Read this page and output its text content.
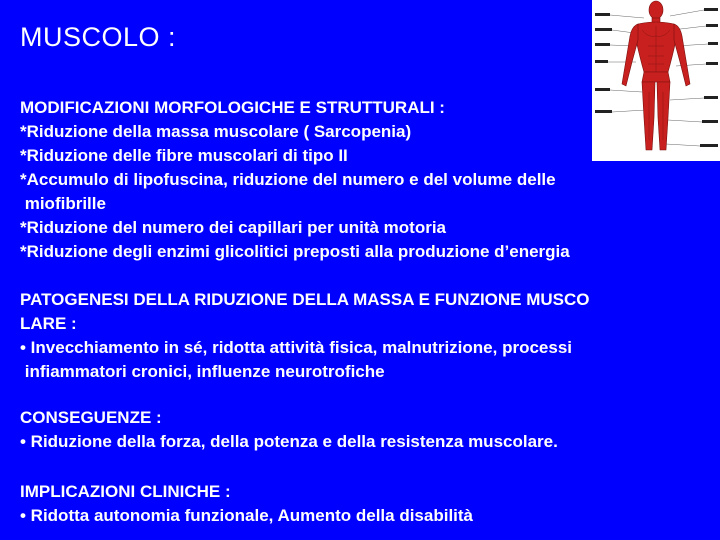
MUSCOLO :
MODIFICAZIONI MORFOLOGICHE E STRUTTURALI :
*Riduzione della massa muscolare ( Sarcopenia)
*Riduzione delle fibre muscolari di tipo II
*Accumulo di lipofuscina, riduzione del numero e del volume delle
miofibrille
*Riduzione del numero dei capillari per unità motoria
*Riduzione degli enzimi glicolitici preposti alla produzione d’energia
PATOGENESI DELLA RIDUZIONE DELLA MASSA E FUNZIONE MUSCO
LARE :
• Invecchiamento in sé, ridotta attività fisica, malnutrizione, processi
infiammatori cronici, influenze neurotrofiche
CONSEGUENZE :
• Riduzione della forza, della potenza e della resistenza muscolare.
IMPLICAZIONI CLINICHE :
• Ridotta autonomia funzionale, Aumento della disabilità
